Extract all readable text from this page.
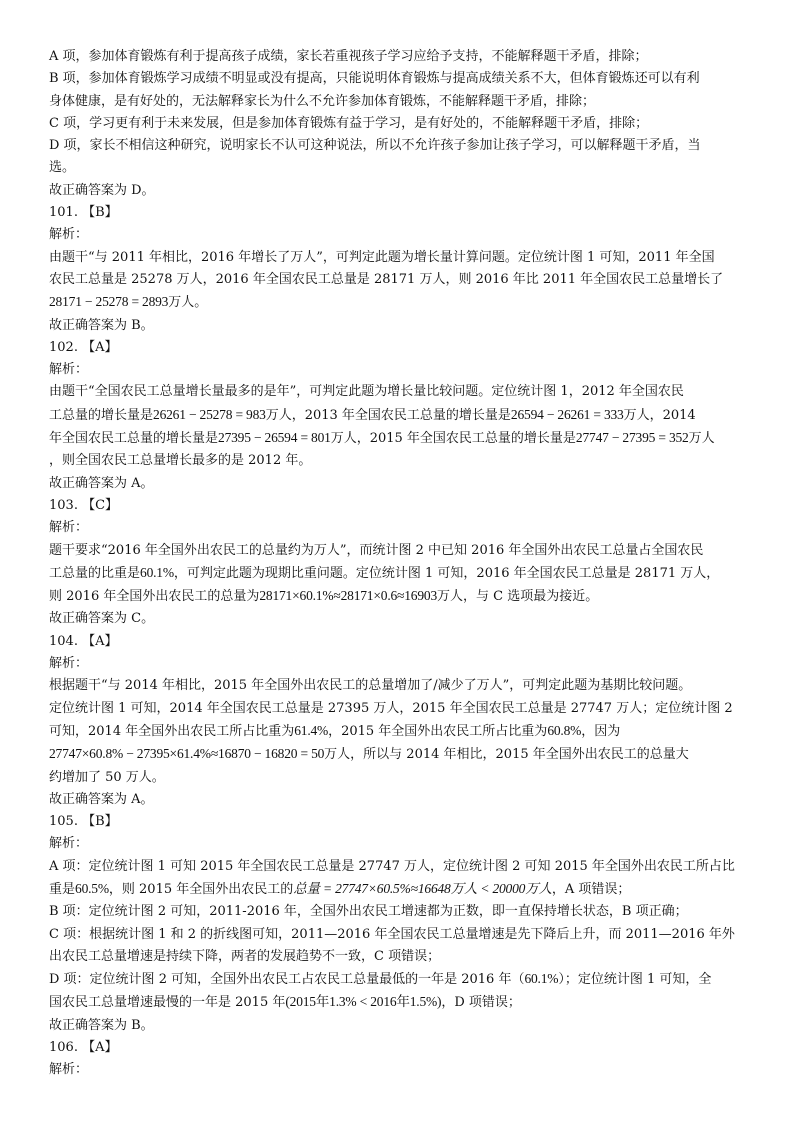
A 项，参加体育锻炼有利于提高孩子成绩，家长若重视孩子学习应给予支持，不能解释题干矛盾，排除；
B 项，参加体育锻炼学习成绩不明显或没有提高，只能说明体育锻炼与提高成绩关系不大，但体育锻炼还可以有利
身体健康，是有好处的，无法解释家长为什么不允许参加体育锻炼，不能解释题干矛盾，排除；
C 项，学习更有利于未来发展，但是参加体育锻炼有益于学习，是有好处的，不能解释题干矛盾，排除；
D 项，家长不相信这种研究，说明家长不认可这种说法，所以不允许孩子参加让孩子学习，可以解释题干矛盾，当
选。
故正确答案为 D。
101. 【B】
解析：
由题干“与 2011 年相比，2016 年增长了万人”，可判定此题为增长量计算问题。定位统计图 1 可知，2011 年全国
农民工总量是 25278 万人，2016 年全国农民工总量是 28171 万人，则 2016 年比 2011 年全国农民工总量增长了
28171 − 25278 = 2893万人。
故正确答案为 B。
102. 【A】
解析：
由题干“全国农民工总量增长量最多的是年”，可判定此题为增长量比较问题。定位统计图 1，2012 年全国农民
工总量的增长量是26261 − 25278 = 983万人，2013 年全国农民工总量的增长量是26594 − 26261 = 333万人，2014
年全国农民工总量的增长量是27395 − 26594 = 801万人，2015 年全国农民工总量的增长量是27747 − 27395 = 352万人
，则全国农民工总量增长最多的是 2012 年。
故正确答案为 A。
103. 【C】
解析：
题干要求“2016 年全国外出农民工的总量约为万人”，而统计图 2 中已知 2016 年全国外出农民工总量占全国农民
工总量的比重是60.1%，可判定此题为现期比重问题。定位统计图 1 可知，2016 年全国农民工总量是 28171 万人，
则 2016 年全国外出农民工的总量为28171×60.1%≈28171×0.6≈16903万人，与 C 选项最为接近。
故正确答案为 C。
104. 【A】
解析：
根据题干“与 2014 年相比，2015 年全国外出农民工的总量增加了/减少了万人”，可判定此题为基期比较问题。
定位统计图 1 可知，2014 年全国农民工总量是 27395 万人，2015 年全国农民工总量是 27747 万人；定位统计图 2
可知，2014 年全国外出农民工所占比重为61.4%，2015 年全国外出农民工所占比重为60.8%，因为
27747×60.8% − 27395×61.4%≈16870 − 16820 = 50万人，所以与 2014 年相比，2015 年全国外出农民工的总量大
约增加了 50 万人。
故正确答案为 A。
105. 【B】
解析：
A 项：定位统计图 1 可知 2015 年全国农民工总量是 27747 万人，定位统计图 2 可知 2015 年全国外出农民工所占比
重是60.5%，则 2015 年全国外出农民工的总量 = 27747×60.5%≈16648万人 < 20000万人，A 项错误；
B 项：定位统计图 2 可知，2011-2016 年，全国外出农民工增速都为正数，即一直保持增长状态，B 项正确；
C 项：根据统计图 1 和 2 的折线图可知，2011—2016 年全国农民工总量增速是先下降后上升，而 2011—2016 年外
出农民工总量增速是持续下降，两者的发展趋势不一致，C 项错误；
D 项：定位统计图 2 可知，全国外出农民工占农民工总量最低的一年是 2016 年（60.1%）；定位统计图 1 可知，全
国农民工总量增速最慢的一年是 2015 年(2015年1.3% < 2016年1.5%)，D 项错误；
故正确答案为 B。
106. 【A】
解析：
